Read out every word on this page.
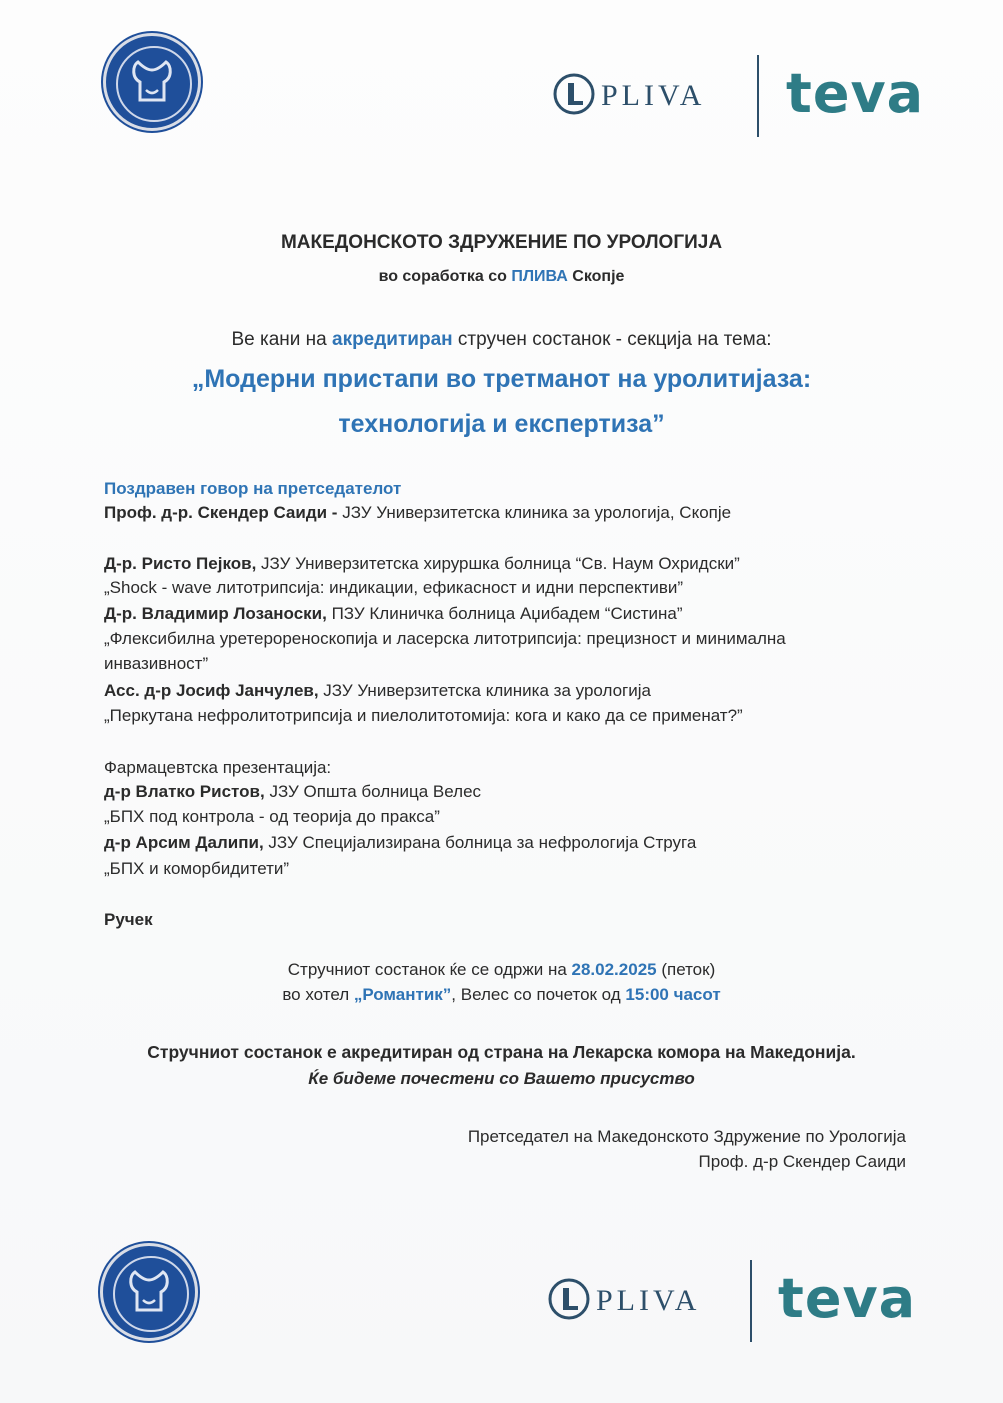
PLIVA teva
МАКЕДОНСКОТО ЗДРУЖЕНИЕ ПО УРОЛОГИЈА
во соработка со ПЛИВА Скопје
Ве кани на акредитиран стручен состанок - секција на тема:
„Модерни пристапи во третманот на уролитијаза:
технологија и експертиза”
Поздравен говор на претседателот
Проф. д-р. Скендер Саиди - ЈЗУ Универзитетска клиника за урологија, Скопје
Д-р. Ристо Пејков, ЈЗУ Универзитетска хируршка болница “Св. Наум Охридски”
„Shock - wave литотрипсија: индикации, ефикасност и идни перспективи”
Д-р. Владимир Лозаноски, ПЗУ Клиничка болница Аџибадем “Систина”
„Флексибилна уретерореноскопија и ласерска литотрипсија: прецизност и минимална
инвазивност”
Асс. д-р Јосиф Јанчулев, ЈЗУ Универзитетска клиника за урологија
„Перкутана нефролитотрипсија и пиелолитотомија: кога и како да се применат?”
Фармацевтска презентација:
д-р Влатко Ристов, ЈЗУ Општа болница Велес
„БПХ под контрола - од теорија до пракса”
д-р Арсим Далипи, ЈЗУ Специјализирана болница за нефрологија Струга
„БПХ и коморбидитети”
Ручек
Стручниот состанок ќе се одржи на 28.02.2025 (петок)
во хотел „Романтик”, Велес со почеток од 15:00 часот
Стручниот состанок е акредитиран од страна на Лекарска комора на Македонија.
Ќе бидеме почестени со Вашето присуство
Претседател на Македонското Здружение по Урологија
Проф. д-р Скендер Саиди
PLIVA teva
